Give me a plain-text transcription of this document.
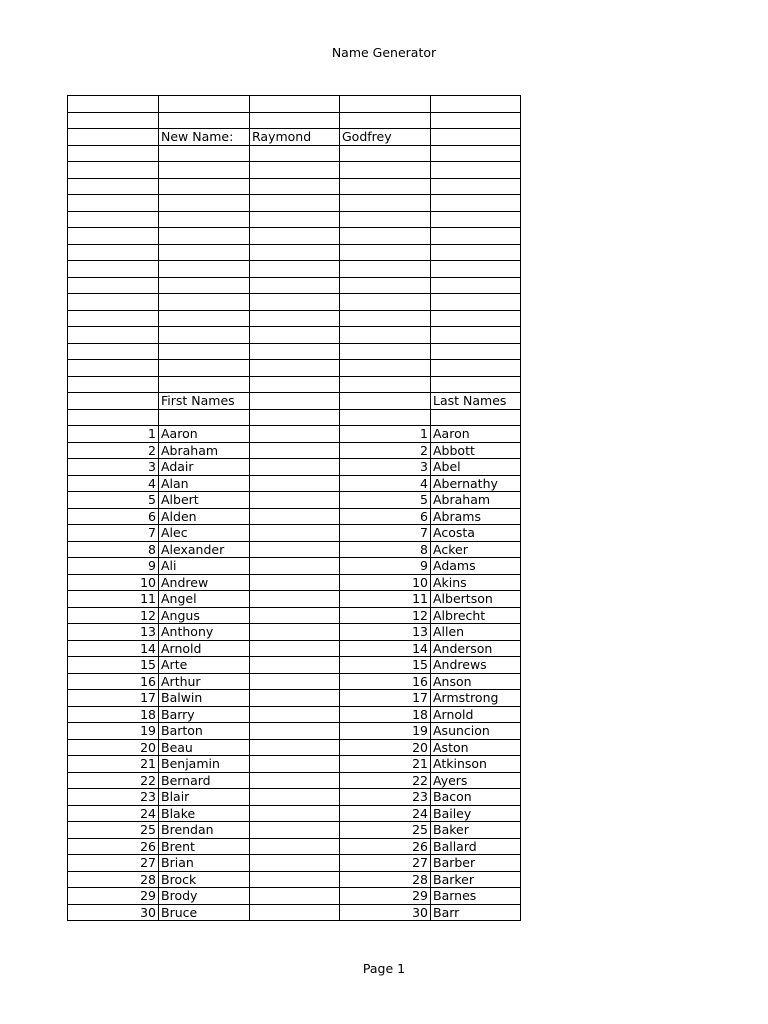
Name Generator

	New Name:	Raymond	Godfrey	

	First Names			Last Names

1	Aaron		1	Aaron
2	Abraham		2	Abbott
3	Adair		3	Abel
4	Alan		4	Abernathy
5	Albert		5	Abraham
6	Alden		6	Abrams
7	Alec		7	Acosta
8	Alexander		8	Acker
9	Ali		9	Adams
10	Andrew		10	Akins
11	Angel		11	Albertson
12	Angus		12	Albrecht
13	Anthony		13	Allen
14	Arnold		14	Anderson
15	Arte		15	Andrews
16	Arthur		16	Anson
17	Balwin		17	Armstrong
18	Barry		18	Arnold
19	Barton		19	Asuncion
20	Beau		20	Aston
21	Benjamin		21	Atkinson
22	Bernard		22	Ayers
23	Blair		23	Bacon
24	Blake		24	Bailey
25	Brendan		25	Baker
26	Brent		26	Ballard
27	Brian		27	Barber
28	Brock		28	Barker
29	Brody		29	Barnes
30	Bruce		30	Barr
Page 1
